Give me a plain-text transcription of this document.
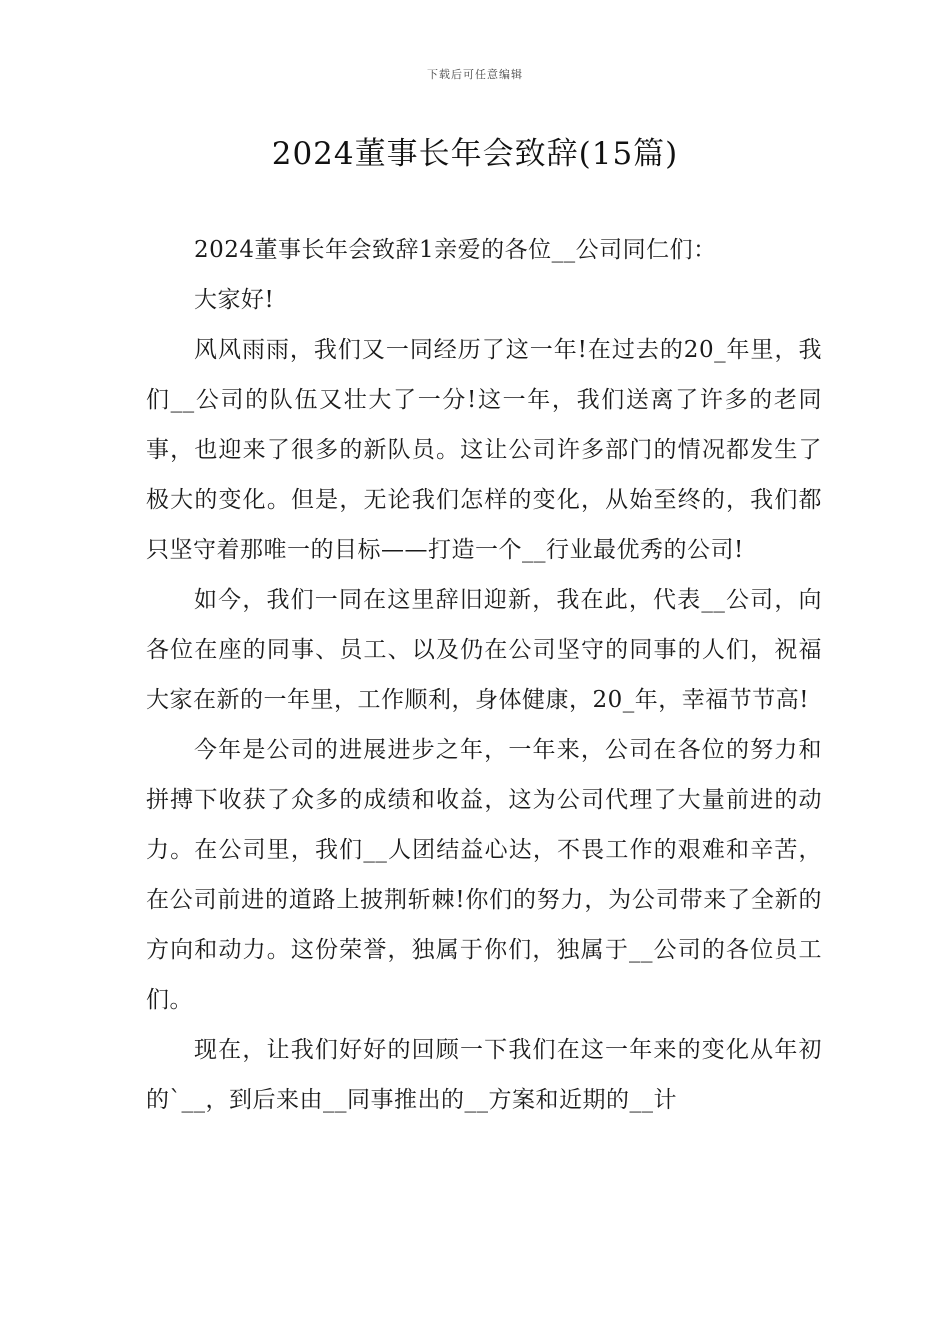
下载后可任意编辑
2024董事长年会致辞(15篇)

2024董事长年会致辞1亲爱的各位__公司同仁们：

大家好!

风风雨雨，我们又一同经历了这一年!在过去的20_年里，我们__公司的队伍又壮大了一分!这一年，我们送离了许多的老同事，也迎来了很多的新队员。这让公司许多部门的情况都发生了极大的变化。但是，无论我们怎样的变化，从始至终的，我们都只坚守着那唯一的目标——打造一个__行业最优秀的公司!

如今，我们一同在这里辞旧迎新，我在此，代表__公司，向各位在座的同事、员工、以及仍在公司坚守的同事的人们，祝福大家在新的一年里，工作顺利，身体健康，20_年，幸福节节高!

今年是公司的进展进步之年，一年来，公司在各位的努力和拼搏下收获了众多的成绩和收益，这为公司代理了大量前进的动力。在公司里，我们__人团结益心达，不畏工作的艰难和辛苦，在公司前进的道路上披荆斩棘!你们的努力，为公司带来了全新的方向和动力。这份荣誉，独属于你们，独属于__公司的各位员工们。

现在，让我们好好的回顾一下我们在这一年来的变化从年初的`__，到后来由__同事推出的__方案和近期的__计
